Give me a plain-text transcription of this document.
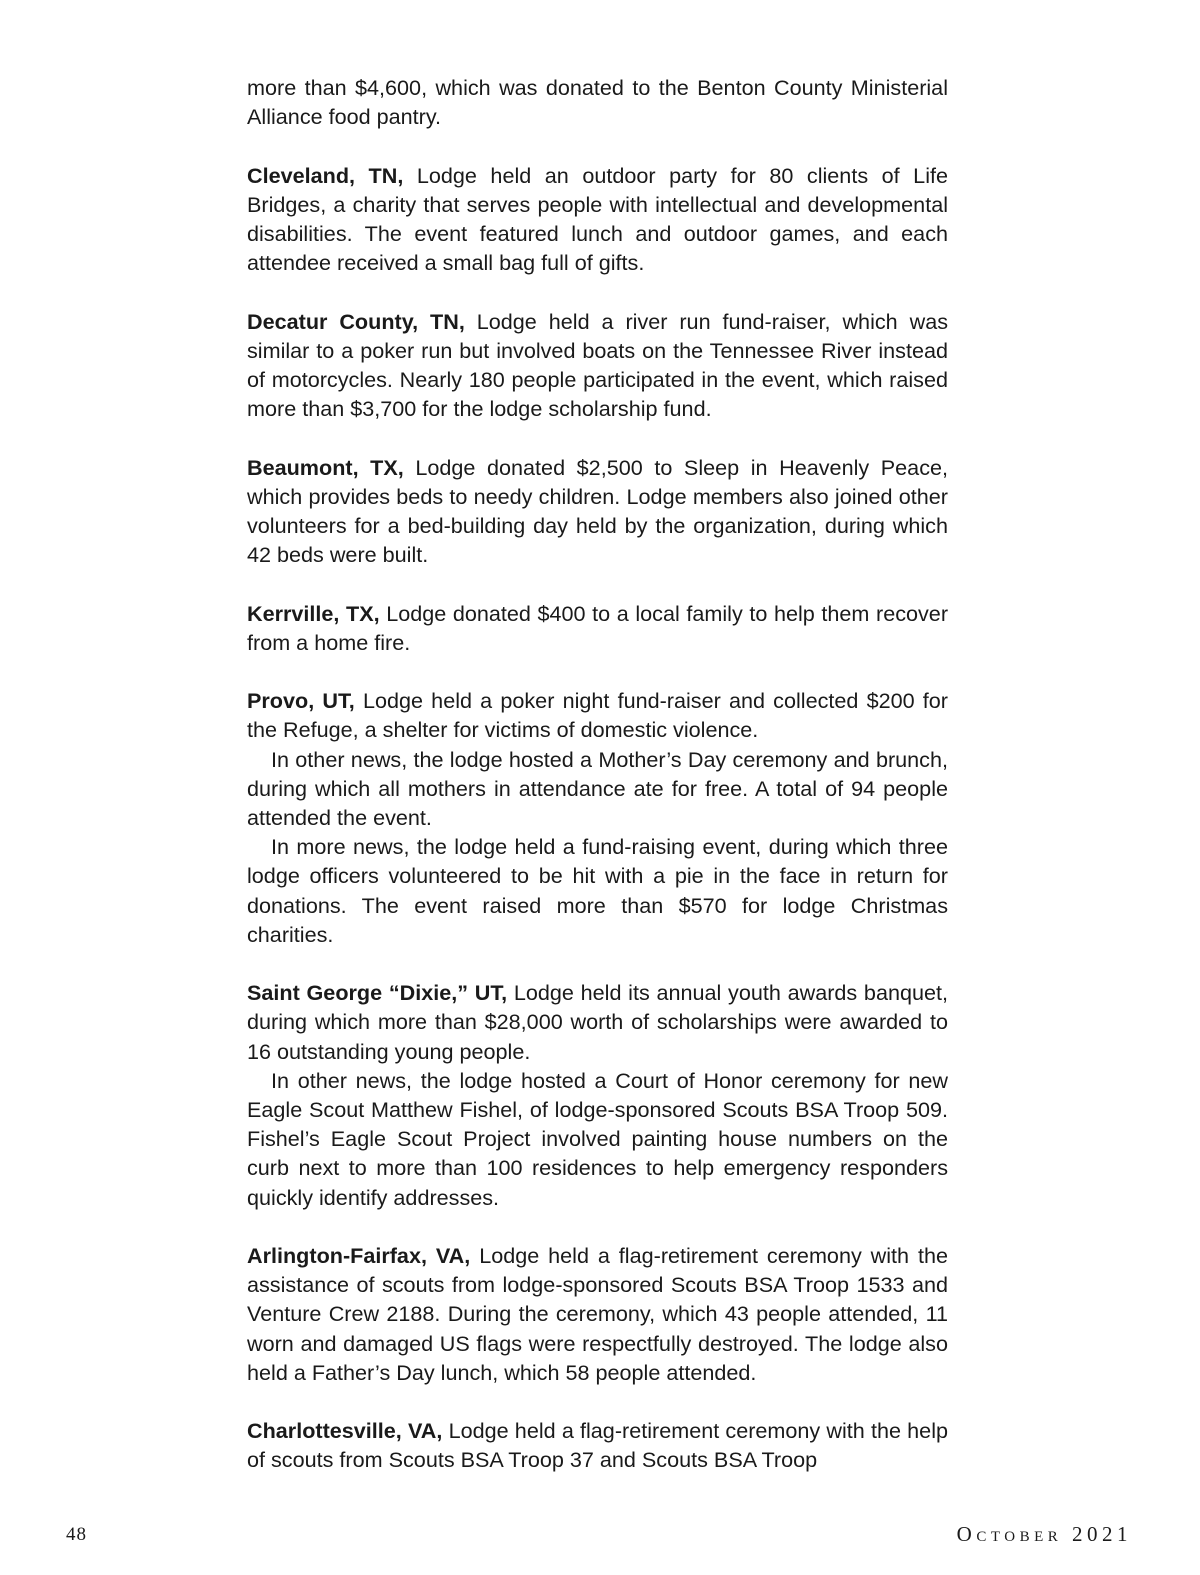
more than $4,600, which was donated to the Benton County Ministerial Alliance food pantry.

Cleveland, TN, Lodge held an outdoor party for 80 clients of Life Bridges, a charity that serves people with intellectual and developmental disabilities. The event featured lunch and outdoor games, and each attendee received a small bag full of gifts.

Decatur County, TN, Lodge held a river run fund-raiser, which was similar to a poker run but involved boats on the Tennessee River instead of motorcycles. Nearly 180 people participated in the event, which raised more than $3,700 for the lodge scholarship fund.

Beaumont, TX, Lodge donated $2,500 to Sleep in Heavenly Peace, which provides beds to needy children. Lodge members also joined other volunteers for a bed-building day held by the organization, during which 42 beds were built.

Kerrville, TX, Lodge donated $400 to a local family to help them recover from a home fire.

Provo, UT, Lodge held a poker night fund-raiser and collected $200 for the Refuge, a shelter for victims of domestic violence.

In other news, the lodge hosted a Mother’s Day ceremony and brunch, during which all mothers in attendance ate for free. A total of 94 people attended the event.

In more news, the lodge held a fund-raising event, during which three lodge officers volunteered to be hit with a pie in the face in return for donations. The event raised more than $570 for lodge Christmas charities.

Saint George “Dixie,” UT, Lodge held its annual youth awards banquet, during which more than $28,000 worth of scholarships were awarded to 16 outstanding young people.

In other news, the lodge hosted a Court of Honor ceremony for new Eagle Scout Matthew Fishel, of lodge-sponsored Scouts BSA Troop 509. Fishel’s Eagle Scout Project involved painting house numbers on the curb next to more than 100 residences to help emergency responders quickly identify addresses.

Arlington-Fairfax, VA, Lodge held a flag-retirement ceremony with the assistance of scouts from lodge-sponsored Scouts BSA Troop 1533 and Venture Crew 2188. During the ceremony, which 43 people attended, 11 worn and damaged US flags were respectfully destroyed. The lodge also held a Father’s Day lunch, which 58 people attended.

Charlottesville, VA, Lodge held a flag-retirement ceremony with the help of scouts from Scouts BSA Troop 37 and Scouts BSA Troop

48	October 2021
